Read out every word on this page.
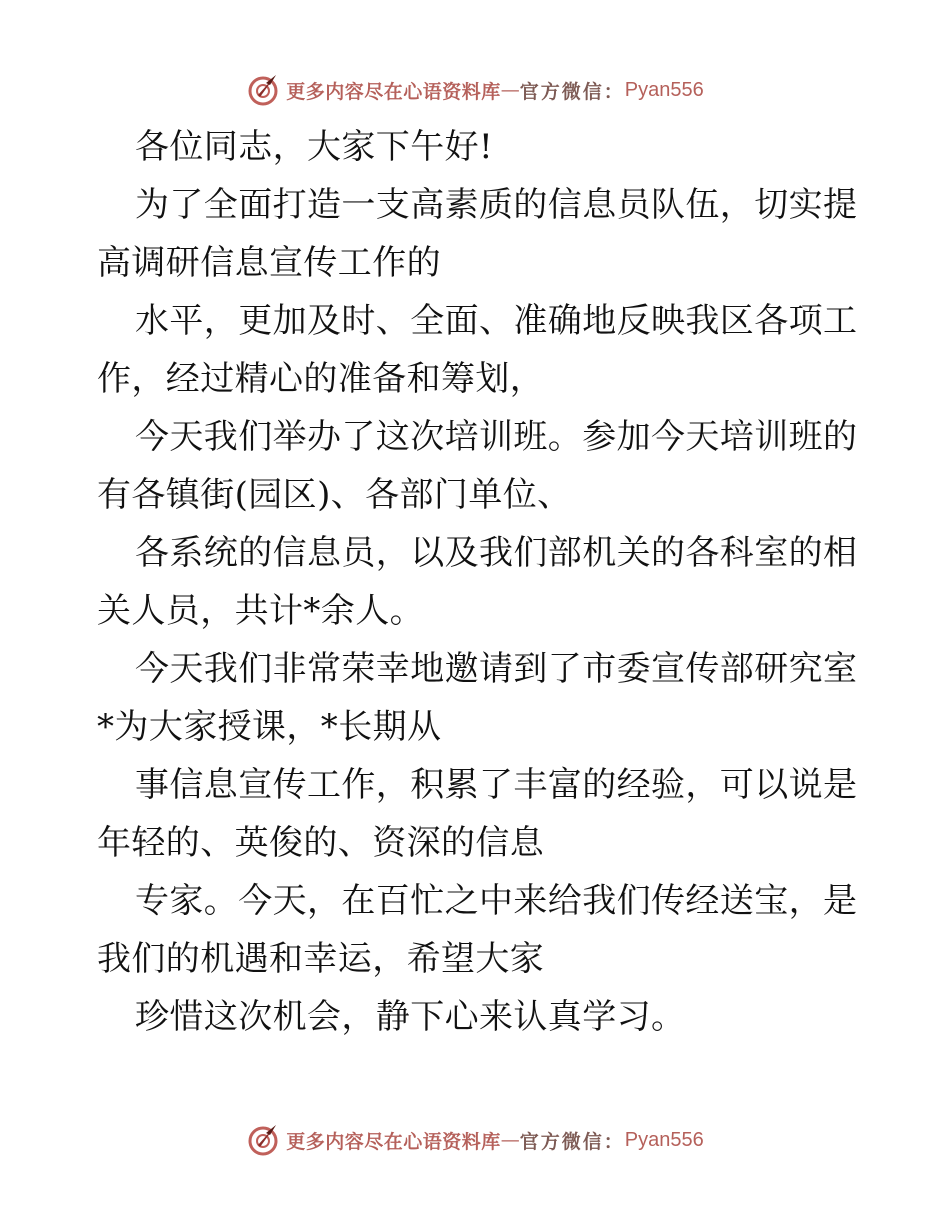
更多内容尽在心语资料库 — 官方微信： Pyan556
各位同志，大家下午好!
为了全面打造一支高素质的信息员队伍，切实提
高调研信息宣传工作的
水平，更加及时、全面、准确地反映我区各项工
作，经过精心的准备和筹划，
今天我们举办了这次培训班。参加今天培训班的
有各镇街(园区)、各部门单位、
各系统的信息员，以及我们部机关的各科室的相
关人员，共计*余人。
今天我们非常荣幸地邀请到了市委宣传部研究室
*为大家授课，*长期从
事信息宣传工作，积累了丰富的经验，可以说是
年轻的、英俊的、资深的信息
专家。今天，在百忙之中来给我们传经送宝，是
我们的机遇和幸运，希望大家
珍惜这次机会，静下心来认真学习。
更多内容尽在心语资料库 — 官方微信： Pyan556
